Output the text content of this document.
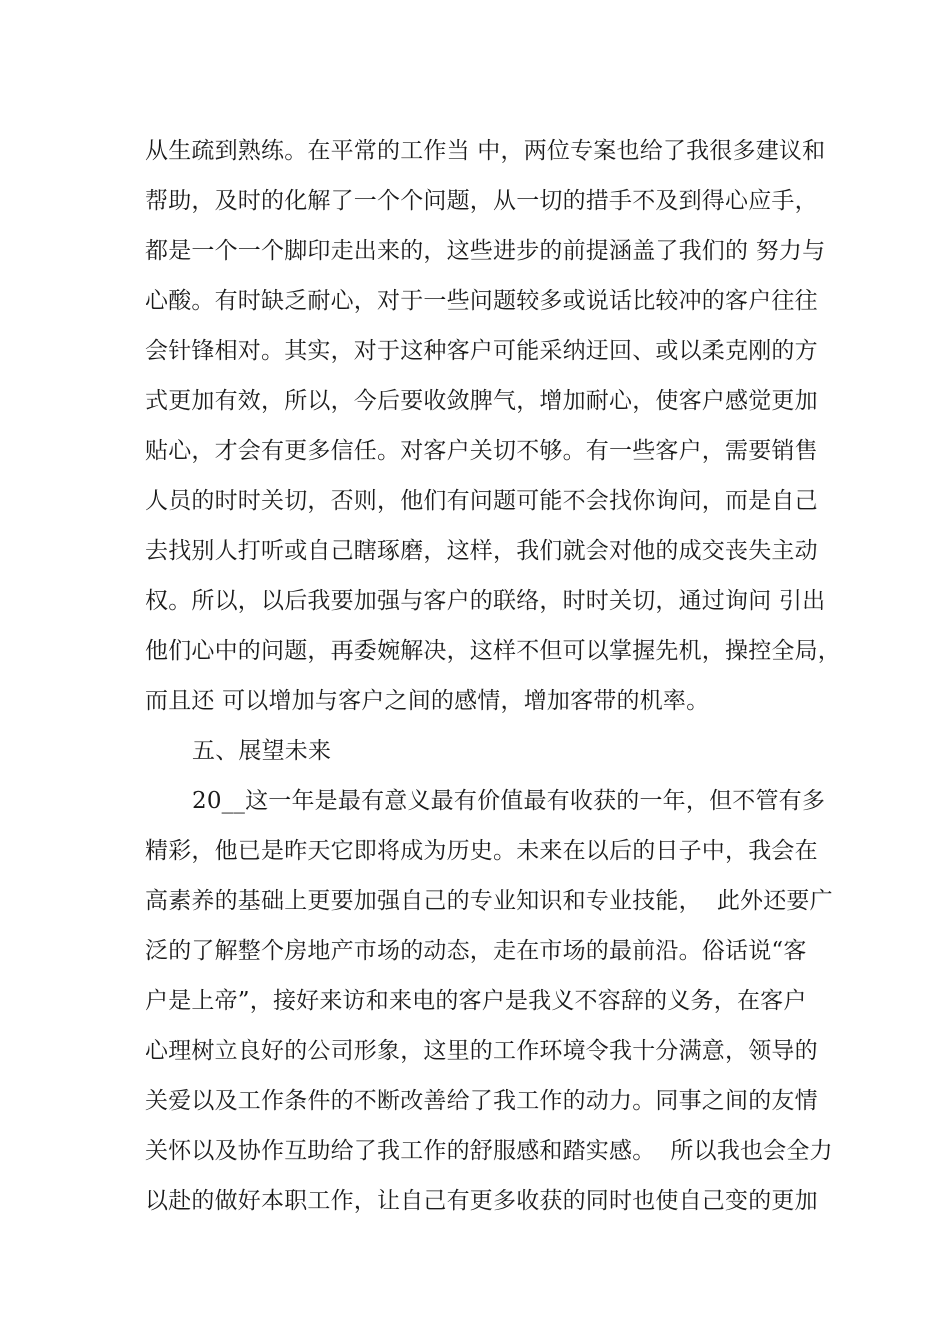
从生疏到熟练。在平常的工作当 中，两位专案也给了我很多建议和
帮助，及时的化解了一个个问题，从一切的措手不及到得心应手，
都是一个一个脚印走出来的，这些进步的前提涵盖了我们的 努力与
心酸。有时缺乏耐心，对于一些问题较多或说话比较冲的客户往往
会针锋相对。其实，对于这种客户可能采纳迂回、或以柔克刚的方
式更加有效，所以，今后要收敛脾气，增加耐心，使客户感觉更加
贴心，才会有更多信任。对客户关切不够。有一些客户，需要销售
人员的时时关切，否则，他们有问题可能不会找你询问，而是自己
去找别人打听或自己瞎琢磨，这样，我们就会对他的成交丧失主动
权。所以，以后我要加强与客户的联络，时时关切，通过询问 引出
他们心中的问题，再委婉解决，这样不但可以掌握先机，操控全局，
而且还 可以增加与客户之间的感情，增加客带的机率。
五、展望未来
20__这一年是最有意义最有价值最有收获的一年，但不管有多
精彩，他已是昨天它即将成为历史。未来在以后的日子中，我会在
高素养的基础上更要加强自己的专业知识和专业技能，  此外还要广
泛的了解整个房地产市场的动态，走在市场的最前沿。俗话说“客
户是上帝”，接好来访和来电的客户是我义不容辞的义务，在客户
心理树立良好的公司形象，这里的工作环境令我十分满意，领导的
关爱以及工作条件的不断改善给了我工作的动力。同事之间的友情
关怀以及协作互助给了我工作的舒服感和踏实感。  所以我也会全力
以赴的做好本职工作，让自己有更多收获的同时也使自己变的更加
